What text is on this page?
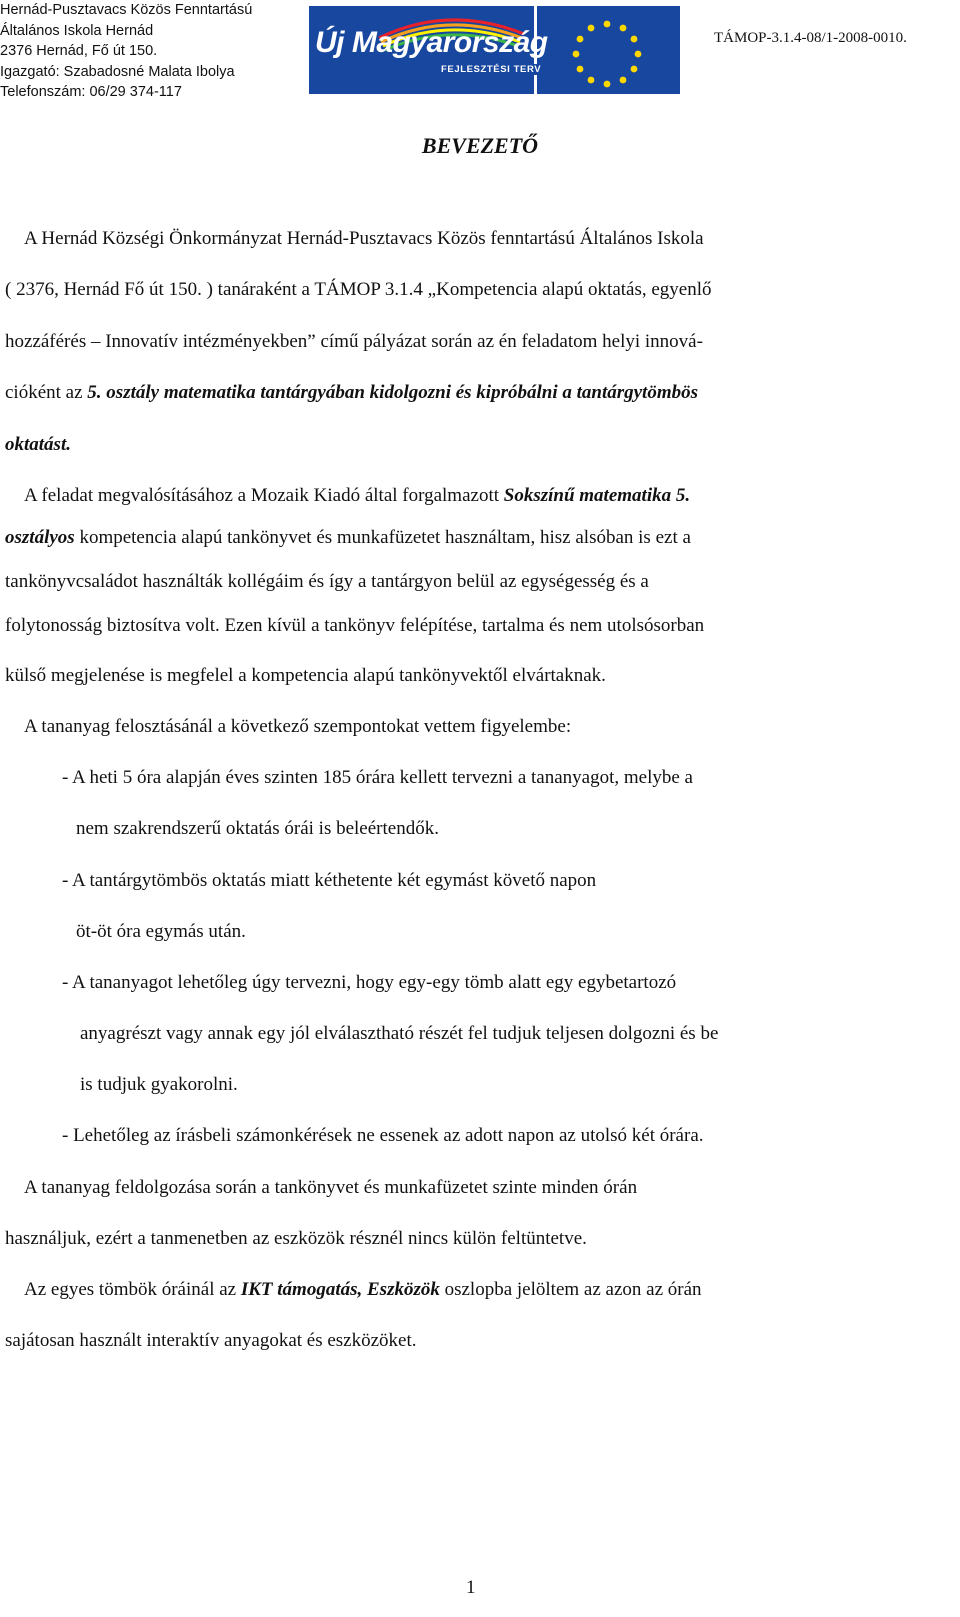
Hernád-Pusztavacs Közös Fenntartású
Általános Iskola Hernád
2376 Hernád, Fő út 150.
Igazgató: Szabadosné Malata Ibolya
Telefonszám: 06/29 374-117
Új Magyarország
FEJLESZTÉSI TERV
TÁMOP-3.1.4-08/1-2008-0010.
BEVEZETŐ
A Hernád Községi Önkormányzat Hernád-Pusztavacs Közös fenntartású Általános Iskola
( 2376, Hernád Fő út 150. ) tanáraként a TÁMOP 3.1.4 „Kompetencia alapú oktatás, egyenlő
hozzáférés – Innovatív intézményekben” című pályázat során az én feladatom helyi innová-
cióként az 5. osztály matematika tantárgyában kidolgozni és kipróbálni a tantárgytömbös
oktatást.
A feladat megvalósításához a Mozaik Kiadó által forgalmazott Sokszínű matematika 5.
osztályos kompetencia alapú tankönyvet és munkafüzetet használtam, hisz alsóban is ezt a
tankönyvcsaládot használták kollégáim és így a tantárgyon belül az egységesség és a
folytonosság biztosítva volt. Ezen kívül a tankönyv felépítése, tartalma és nem utolsósorban
külső megjelenése is megfelel a kompetencia alapú tankönyvektől elvártaknak.
A tananyag felosztásánál a következő szempontokat vettem figyelembe:
- A heti 5 óra alapján éves szinten 185 órára kellett tervezni a tananyagot, melybe a
nem szakrendszerű oktatás órái is beleértendők.
- A tantárgytömbös oktatás miatt kéthetente két egymást követő napon
öt-öt óra egymás után.
- A tananyagot lehetőleg úgy tervezni, hogy egy-egy tömb alatt egy egybetartozó
anyagrészt vagy annak egy jól elválasztható részét fel tudjuk teljesen dolgozni és be
is tudjuk gyakorolni.
- Lehetőleg az írásbeli számonkérések ne essenek az adott napon az utolsó két órára.
A tananyag feldolgozása során a tankönyvet és munkafüzetet szinte minden órán
használjuk, ezért a tanmenetben az eszközök résznél nincs külön feltüntetve.
Az egyes tömbök óráinál az IKT támogatás, Eszközök oszlopba jelöltem az azon az órán
sajátosan használt interaktív anyagokat és eszközöket.
1
